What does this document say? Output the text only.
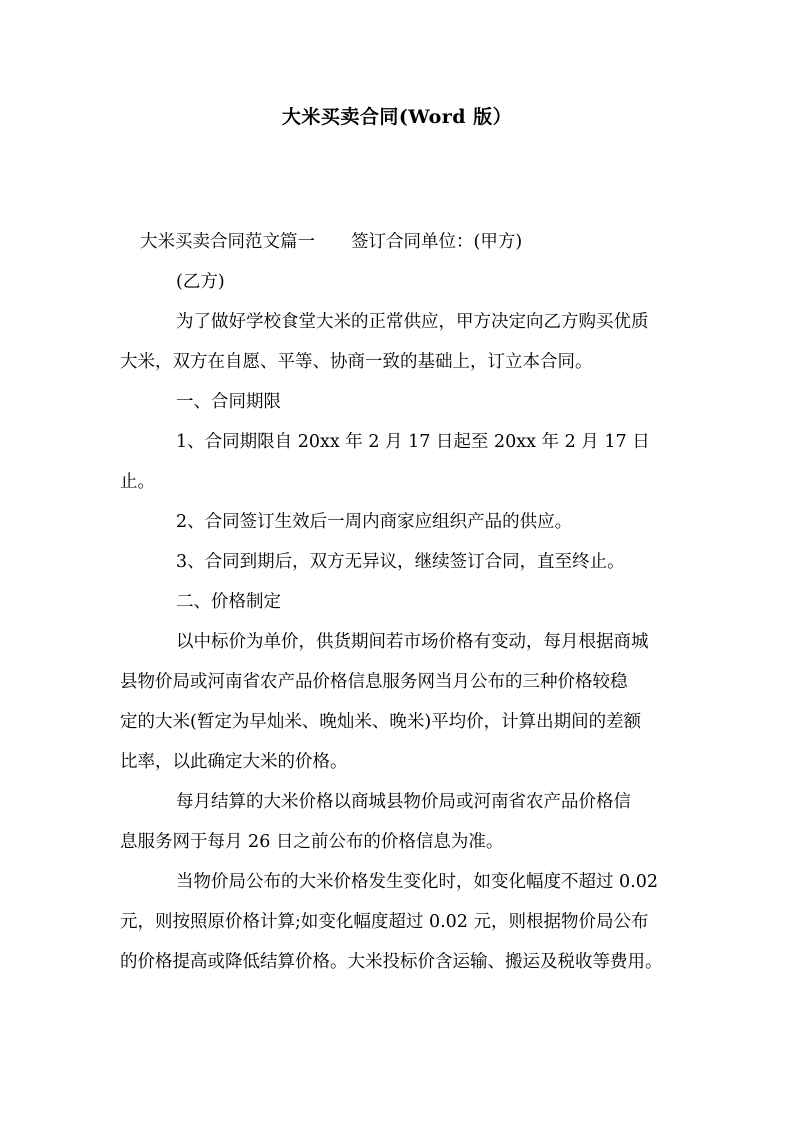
大米买卖合同(Word 版）
大米买卖合同范文篇一 签订合同单位：(甲方)
(乙方)
为了做好学校食堂大米的正常供应，甲方决定向乙方购买优质
大米，双方在自愿、平等、协商一致的基础上，订立本合同。
一、合同期限
1、合同期限自 20xx 年 2 月 17 日起至 20xx 年 2 月 17 日
止。
2、合同签订生效后一周内商家应组织产品的供应。
3、合同到期后，双方无异议，继续签订合同，直至终止。
二、价格制定
以中标价为单价，供货期间若市场价格有变动，每月根据商城
县物价局或河南省农产品价格信息服务网当月公布的三种价格较稳
定的大米(暂定为早灿米、晚灿米、晚米)平均价，计算出期间的差额
比率，以此确定大米的价格。
每月结算的大米价格以商城县物价局或河南省农产品价格信
息服务网于每月 26 日之前公布的价格信息为准。
当物价局公布的大米价格发生变化时，如变化幅度不超过 0.02
元，则按照原价格计算;如变化幅度超过 0.02 元，则根据物价局公布
的价格提高或降低结算价格。大米投标价含运输、搬运及税收等费用。
